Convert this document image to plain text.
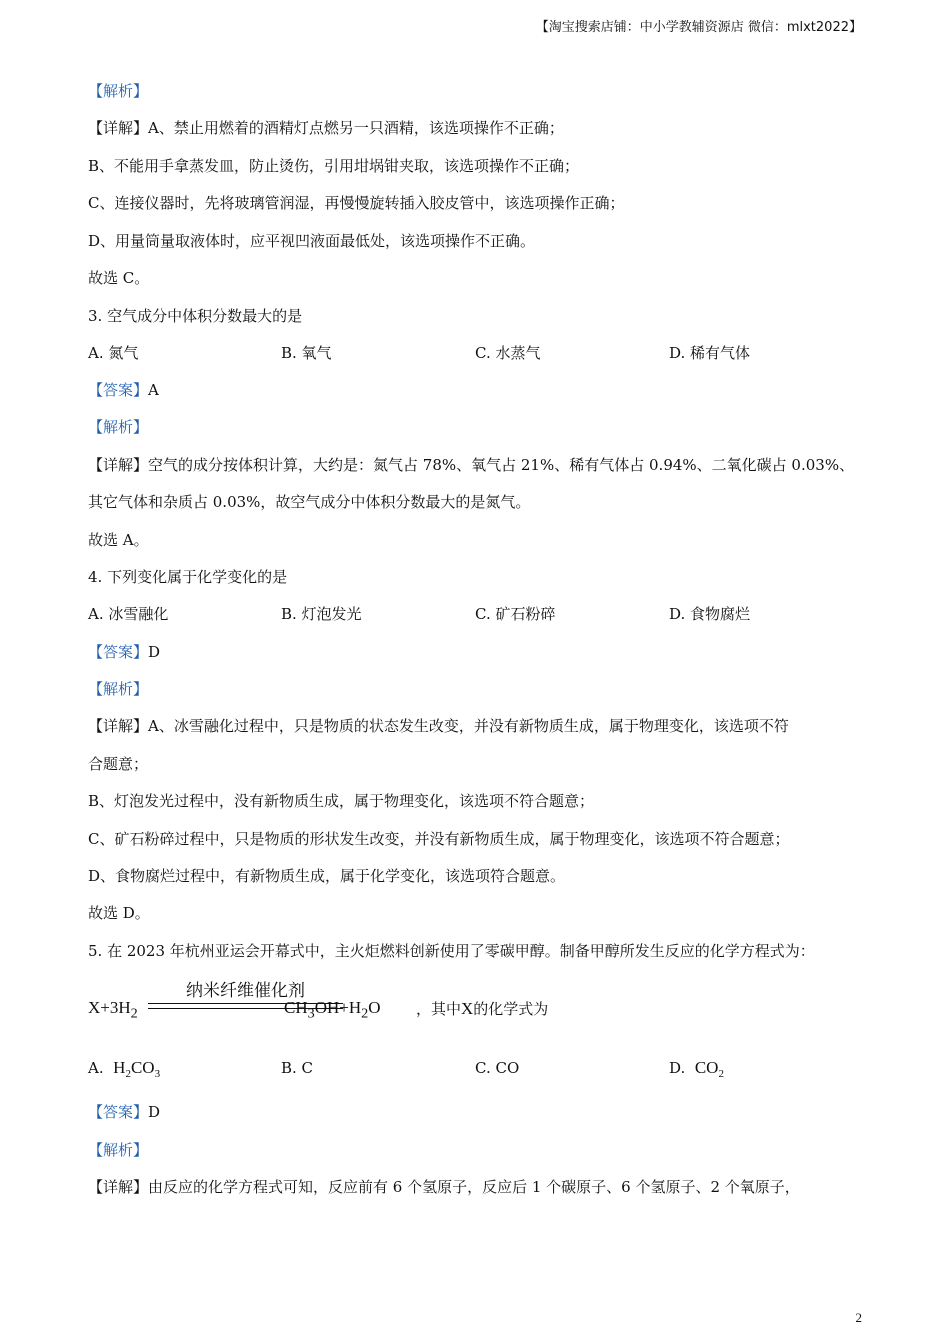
【淘宝搜索店铺：中小学教辅资源店 微信：mlxt2022】
【解析】
【详解】A、禁止用燃着的酒精灯点燃另一只酒精，该选项操作不正确；
B、不能用手拿蒸发皿，防止烫伤，引用坩埚钳夹取，该选项操作不正确；
C、连接仪器时，先将玻璃管润湿，再慢慢旋转插入胶皮管中，该选项操作正确；
D、用量筒量取液体时，应平视凹液面最低处，该选项操作不正确。
故选 C。
3. 空气成分中体积分数最大的是
A. 氮气	B. 氧气	C. 水蒸气	D. 稀有气体
【答案】A
【解析】
【详解】空气的成分按体积计算，大约是：氮气占 78%、氧气占 21%、稀有气体占 0.94%、二氧化碳占 0.03%、
其它气体和杂质占 0.03%，故空气成分中体积分数最大的是氮气。
故选 A。
4. 下列变化属于化学变化的是
A. 冰雪融化	B. 灯泡发光	C. 矿石粉碎	D. 食物腐烂
【答案】D
【解析】
【详解】A、冰雪融化过程中，只是物质的状态发生改变，并没有新物质生成，属于物理变化，该选项不符
合题意；
B、灯泡发光过程中，没有新物质生成，属于物理变化，该选项不符合题意；
C、矿石粉碎过程中，只是物质的形状发生改变，并没有新物质生成，属于物理变化，该选项不符合题意；
D、食物腐烂过程中，有新物质生成，属于化学变化，该选项符合题意。
故选 D。
5. 在 2023 年杭州亚运会开幕式中，主火炬燃料创新使用了零碳甲醇。制备甲醇所发生反应的化学方程式为：
$X+3H_2$
纳米纤维催化剂
$CH_3OH+H_2O$ ，其中X的化学式为
A. $H_2CO_3$	B. C	C. CO	D. $CO_2$
【答案】D
【解析】
【详解】由反应的化学方程式可知，反应前有 6 个氢原子，反应后 1 个碳原子、6 个氢原子、2 个氧原子，
2
